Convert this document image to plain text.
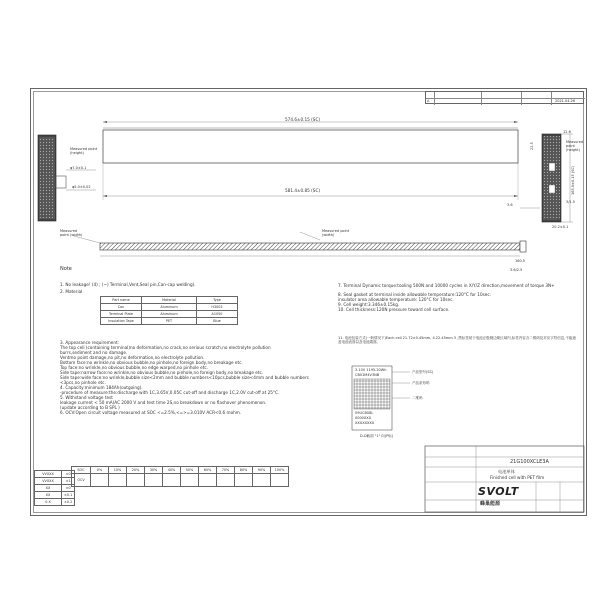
A	2021.04.26
574.6±0.15 (SC)
581.4±0.85 (SC)
Measured point (height)
φ7.0±0.1
φ5.0±0.02
12.6
Measured point (height)
22.5
165.0±0.15 (SC)
3.6
3/1.5
20.2±0.1
Measured point (width)
Measured point (width)
160.5
3.6/2.5
Note
1. No leakage! (4) ; (~) Terminal,Vent,Seal pin,Can-cap welding).
2. Material
Part name	Material	Type
Can	Aluminum	H3003
Terminal Plate	Aluminum	A1050
Insulation Tape	PET	Blue
3. Appearance requirement:
The top cell (containing terminal)no deformation,no crack,no serious scratch,no electrolyte pollution
burrs,sediment and no damage.
Ventmo point damage,no pit,no deformation,no electrolyte pollution.
Bottom face:no wrinkle,no obvious bubble,no pinhole,no foreign body,no breakage etc.
Top face:no wrinkle,no obvious bubble,no edge warped,no pinhole etc.
Side tape:narrow face:no wrinkle,no obvious bubble,no pinhole,no foreign body,no breakage etc.
Side tape:wide face:no wrinkle,bubble size<2mm and bubble numbers<10pcs,bubble size<4mm and bubble numbers
<3pcs,no pinhole etc.
4. Capacity:minimum 184Ah(outgoing).
-procedure of measure:the:discharge with 1C,3.65V,0.05C cut-off and discharge 1C,2.0V cut-off at 25°C.
5. Withstand voltage test
leakage current < 50 mA(AC 2000 V and test time 2S,no breakdown or no flashover phenomenon.
(update according to B SPL )
6. OCV:Open circuit voltage measured at SOC <=2.5%,<=>=3.010V ACR<0.6 mohm.
7. Terminal Dynamic torque:tooling 500N and 10000 cycles in X/Y/Z direction,movement of torque 3N+
8. Seal gasket at terminal inside allowable temperature:120°C for 10sec.
insulator area allowable temperature: 120°C for 10sec.
9. Cell weight:3.346±0.15kg.
10. Cell thickness:120N pressure toward cell surface.
11. 电池包装方式(一般情况下)Each cell 21.72±0.45mm, 4.22.45mm 3 ,黑标签贴于电池正极侧边缘区域内,标签内容含二维码及对应字符信息,不能遮盖电池表面以及电池端面。
3.10V 1195.20Wh
CB01M4V3NB
09UCB08L
0000XXX
XXXXXXXX
产品型号(SC)
产品条形码
二维码
D-D截面 "1" 向(P标)
SOC	0%	10%	20%	30%	40%	50%	60%	70%	80%	90%	100%
OCV											
VVXXX	±0
VVXXX	±1
XX	±0
XX	±0.1
0.X	±0.2
21G100XCLE3A
电池单体
Finished cell with PET film
SVOLT
蜂巢能源
